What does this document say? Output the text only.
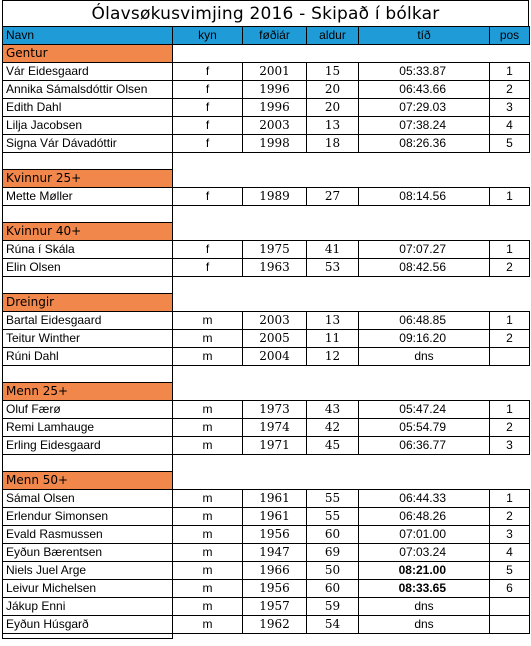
Ólavsøkusvimjing 2016 - Skipað í bólkar
Navn	kyn	føðiár	aldur	tíð	pos
Gentur					
Vár Eidesgaard	f	2001	15	05:33.87	1
Annika Sámalsdóttir Olsen	f	1996	20	06:43.66	2
Edith Dahl	f	1996	20	07:29.03	3
Lilja Jacobsen	f	2003	13	07:38.24	4
Signa Vár Dávadóttir	f	1998	18	08:26.36	5

Kvinnur 25+					
Mette Møller	f	1989	27	08:14.56	1

Kvinnur 40+					
Rúna í Skála	f	1975	41	07:07.27	1
Elin Olsen	f	1963	53	08:42.56	2

Dreingir					
Bartal Eidesgaard	m	2003	13	06:48.85	1
Teitur Winther	m	2005	11	09:16.20	2
Rúni Dahl	m	2004	12	dns	

Menn 25+					
Oluf Færø	m	1973	43	05:47.24	1
Remi Lamhauge	m	1974	42	05:54.79	2
Erling Eidesgaard	m	1971	45	06:36.77	3

Menn 50+					
Sámal Olsen	m	1961	55	06:44.33	1
Erlendur Simonsen	m	1961	55	06:48.26	2
Evald Rasmussen	m	1956	60	07:01.00	3
Eyðun Bærentsen	m	1947	69	07:03.24	4
Niels Juel Arge	m	1966	50	08:21.00	5
Leivur Michelsen	m	1956	60	08:33.65	6
Jákup Enni	m	1957	59	dns	
Eyðun Húsgarð	m	1962	54	dns	
